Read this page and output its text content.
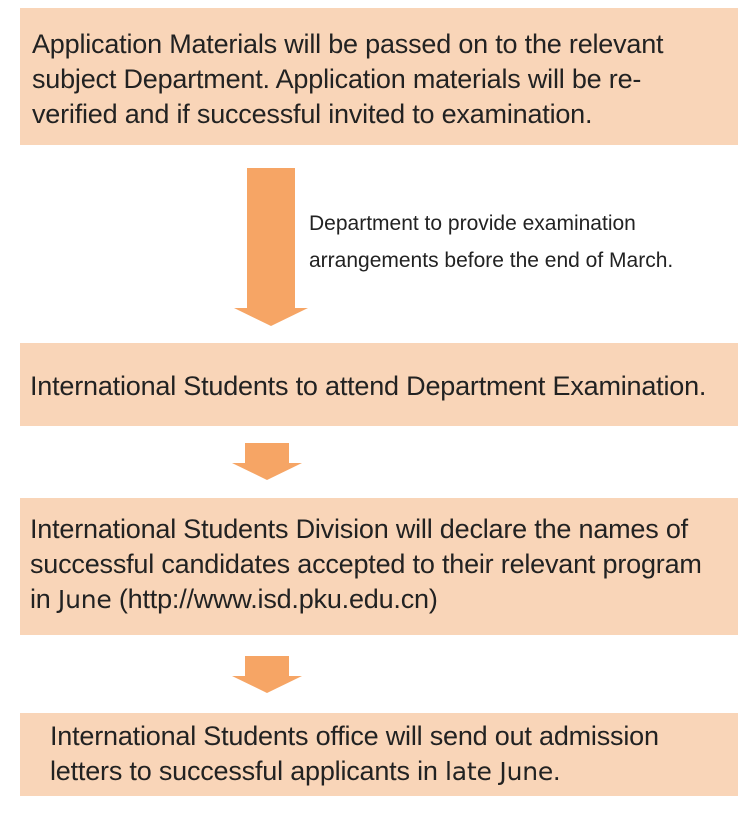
Application Materials will be passed on to the relevant
subject Department. Application materials will be re-
verified and if successful invited to examination.
Department to provide examination
arrangements before the end of March.
International Students to attend Department Examination.
International Students Division will declare the names of
successful candidates accepted to their relevant program
in June (http://www.isd.pku.edu.cn)
International Students office will send out admission
letters to successful applicants in late June.
